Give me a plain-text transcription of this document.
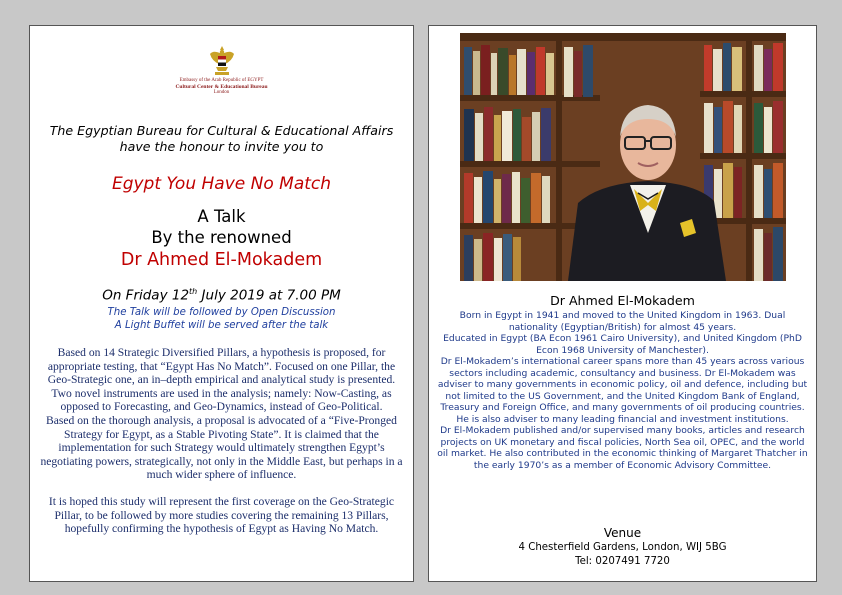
Embassy of the Arab Republic of EGYPT
Cultural Center & Educational Bureau
London
The Egyptian Bureau for Cultural & Educational Affairs
have the honour to invite you to
Egypt You Have No Match
A Talk
By the renowned
Dr Ahmed El-Mokadem
On Friday 12th July 2019 at 7.00 PM
The Talk will be followed by Open Discussion
A Light Buffet will be served after the talk

Based on 14 Strategic Diversified Pillars, a hypothesis is proposed, for appropriate testing, that “Egypt Has No Match”. Focused on one Pillar, the Geo-Strategic one, an in–depth empirical and analytical study is presented. Two novel instruments are used in the analysis; namely: Now-Casting, as opposed to Forecasting, and Geo-Dynamics, instead of Geo-Political.

Based on the thorough analysis, a proposal is advocated of a “Five-Pronged Strategy for Egypt, as a Stable Pivoting State”. It is claimed that the implementation for such Strategy would ultimately strengthen Egypt’s negotiating powers, strategically, not only in the Middle East, but perhaps in a much wider sphere of influence.

It is hoped this study will represent the first coverage on the Geo-Strategic Pillar, to be followed by more studies covering the remaining 13 Pillars, hopefully confirming the hypothesis of Egypt as Having No Match.

Dr Ahmed El-Mokadem

Born in Egypt in 1941 and moved to the United Kingdom in 1963. Dual nationality (Egyptian/British) for almost 45 years.

Educated in Egypt (BA Econ 1961 Cairo University), and United Kingdom (PhD Econ 1968 University of Manchester).

Dr El-Mokadem’s international career spans more than 45 years across various sectors including academic, consultancy and business. Dr El-Mokadem was adviser to many governments in economic policy, oil and defence, including but not limited to the US Government, and the United Kingdom Bank of England, Treasury and Foreign Office, and many governments of oil producing countries. He is also adviser to many leading financial and investment institutions.

Dr El-Mokadem published and/or supervised many books, articles and research projects on UK monetary and fiscal policies, North Sea oil, OPEC, and the world oil market. He also contributed in the economic thinking of Margaret Thatcher in the early 1970’s as a member of Economic Advisory Committee.

Venue
4 Chesterfield Gardens, London, WIJ 5BG
Tel: 0207491 7720
